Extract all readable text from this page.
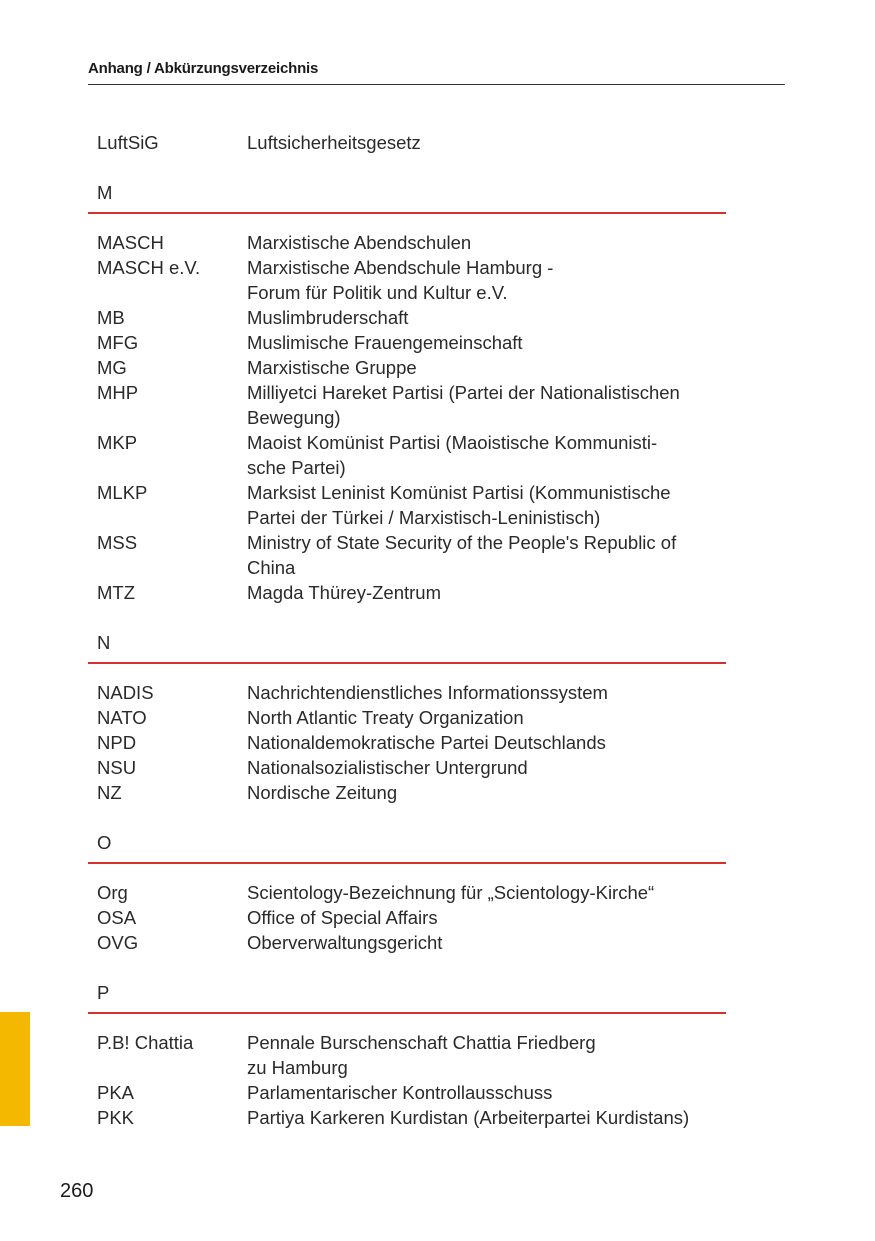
Anhang / Abkürzungsverzeichnis
LuftSiG	Luftsicherheitsgesetz
M
MASCH	Marxistische Abendschulen
MASCH e.V.	Marxistische Abendschule Hamburg -
Forum für Politik und Kultur e.V.
MB	Muslimbruderschaft
MFG	Muslimische Frauengemeinschaft
MG	Marxistische Gruppe
MHP	Milliyetci Hareket Partisi (Partei der Nationalistischen
Bewegung)
MKP	Maoist Komünist Partisi (Maoistische Kommunisti-
sche Partei)
MLKP	Marksist Leninist Komünist Partisi (Kommunistische
Partei der Türkei / Marxistisch-Leninistisch)
MSS	Ministry of State Security of the People's Republic of
China
MTZ	Magda Thürey-Zentrum
N
NADIS	Nachrichtendienstliches Informationssystem
NATO	North Atlantic Treaty Organization
NPD	Nationaldemokratische Partei Deutschlands
NSU	Nationalsozialistischer Untergrund
NZ	Nordische Zeitung
O
Org	Scientology-Bezeichnung für „Scientology-Kirche“
OSA	Office of Special Affairs
OVG	Oberverwaltungsgericht
P
P.B! Chattia	Pennale Burschenschaft Chattia Friedberg
zu Hamburg
PKA	Parlamentarischer Kontrollausschuss
PKK	Partiya Karkeren Kurdistan (Arbeiterpartei Kurdistans)
260
